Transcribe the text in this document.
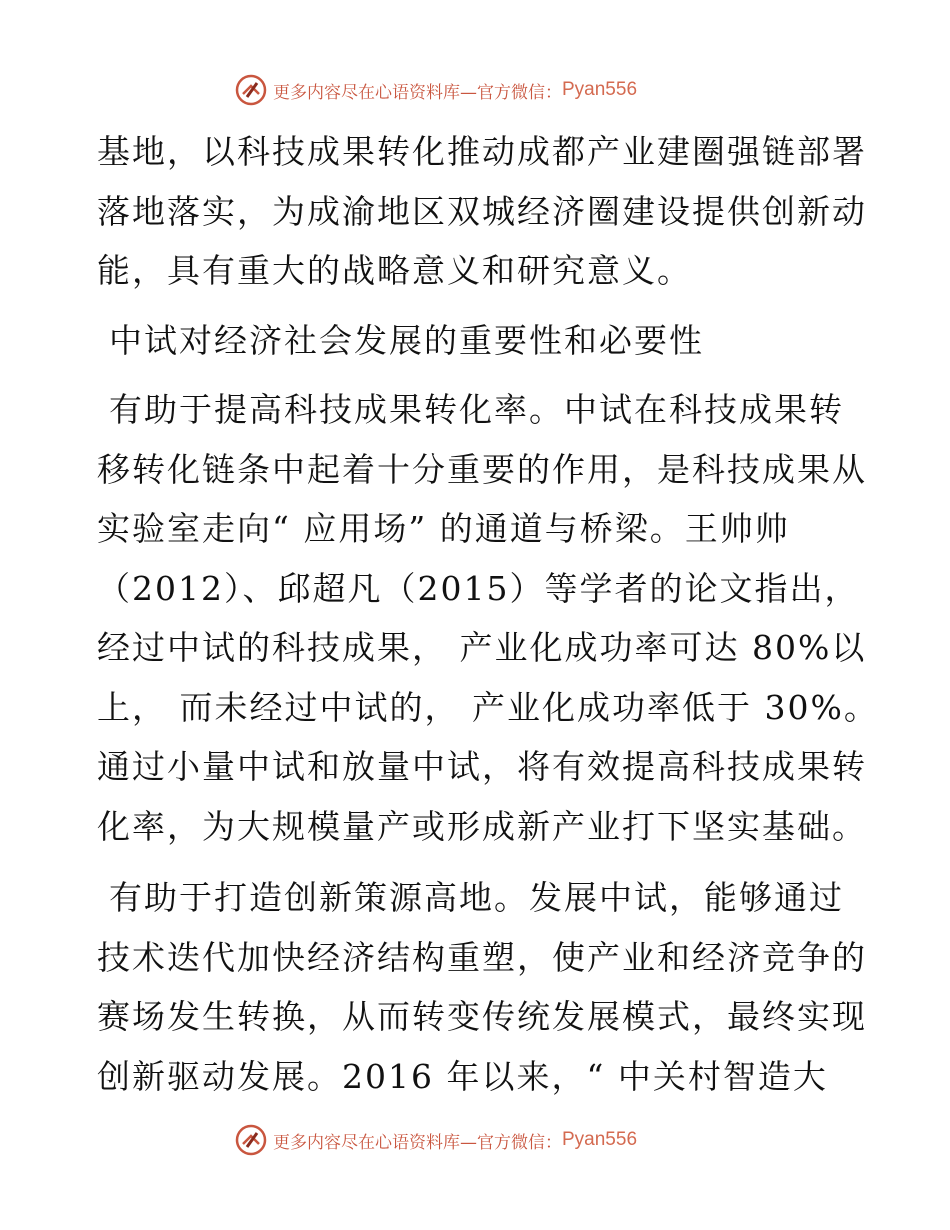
更多内容尽在心语资料库—官方微信： Pyan556
基地，以科技成果转化推动成都产业建圈强链部署
落地落实，为成渝地区双城经济圈建设提供创新动
能，具有重大的战略意义和研究意义。
中试对经济社会发展的重要性和必要性
有助于提高科技成果转化率。中试在科技成果转
移转化链条中起着十分重要的作用，是科技成果从
实验室走向“ 应用场” 的通道与桥梁。王帅帅
（2012）、邱超凡（2015）等学者的论文指出，
经过中试的科技成果， 产业化成功率可达 80%以
上， 而未经过中试的， 产业化成功率低于 30%。
通过小量中试和放量中试，将有效提高科技成果转
化率，为大规模量产或形成新产业打下坚实基础。
有助于打造创新策源高地。发展中试，能够通过
技术迭代加快经济结构重塑，使产业和经济竞争的
赛场发生转换，从而转变传统发展模式，最终实现
创新驱动发展。2016 年以来，“ 中关村智造大
更多内容尽在心语资料库—官方微信： Pyan556
